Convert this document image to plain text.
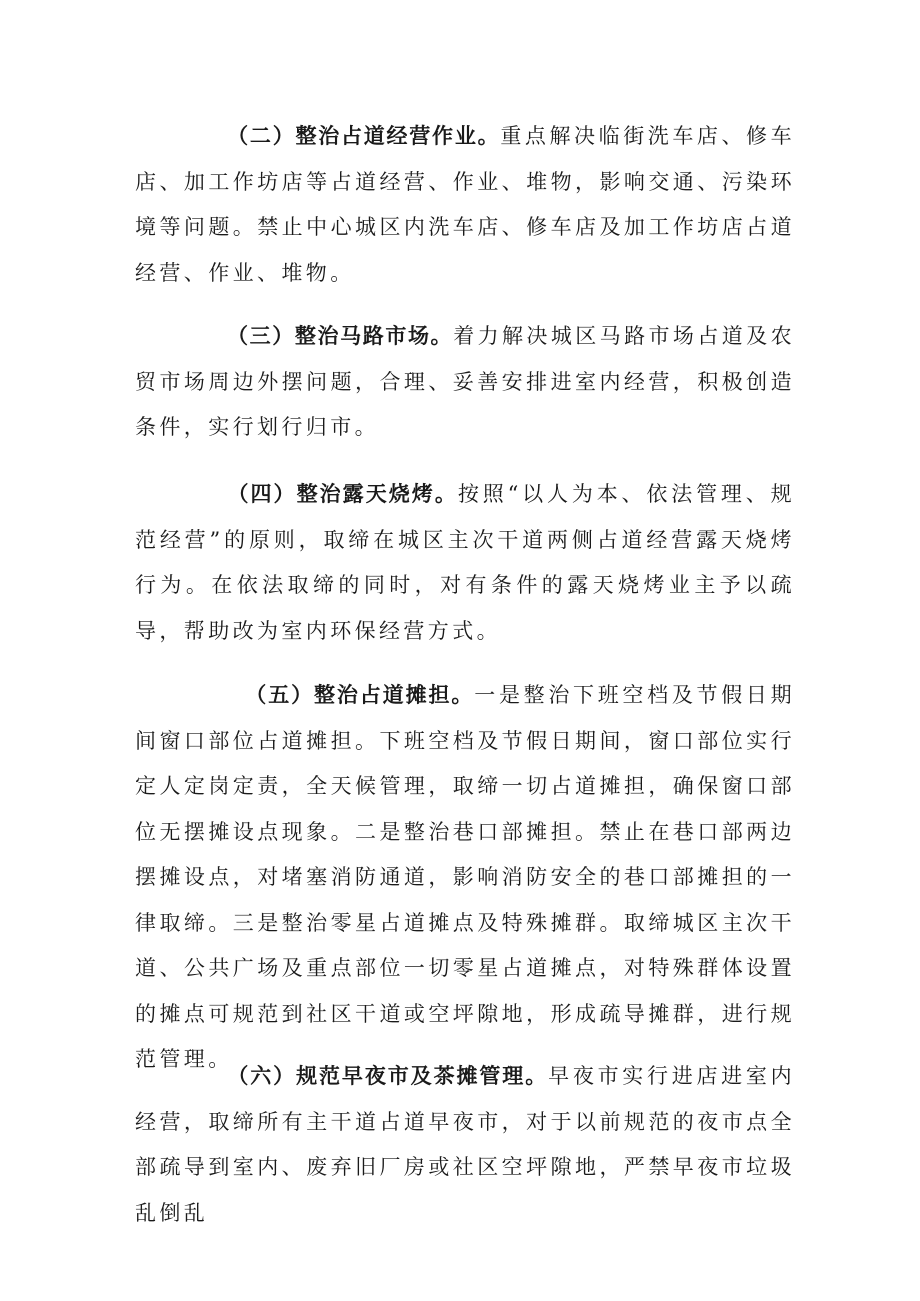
（二）整治占道经营作业。重点解决临街洗车店、修车店、加工作坊店等占道经营、作业、堆物，影响交通、污染环境等问题。禁止中心城区内洗车店、修车店及加工作坊店占道经营、作业、堆物。

（三）整治马路市场。着力解决城区马路市场占道及农贸市场周边外摆问题，合理、妥善安排进室内经营，积极创造条件，实行划行归市。

（四）整治露天烧烤。按照“以人为本、依法管理、规范经营”的原则，取缔在城区主次干道两侧占道经营露天烧烤行为。在依法取缔的同时，对有条件的露天烧烤业主予以疏导，帮助改为室内环保经营方式。

（五）整治占道摊担。一是整治下班空档及节假日期间窗口部位占道摊担。下班空档及节假日期间，窗口部位实行定人定岗定责，全天候管理，取缔一切占道摊担，确保窗口部位无摆摊设点现象。二是整治巷口部摊担。禁止在巷口部两边摆摊设点，对堵塞消防通道，影响消防安全的巷口部摊担的一律取缔。三是整治零星占道摊点及特殊摊群。取缔城区主次干道、公共广场及重点部位一切零星占道摊点，对特殊群体设置的摊点可规范到社区干道或空坪隙地，形成疏导摊群，进行规范管理。

（六）规范早夜市及茶摊管理。早夜市实行进店进室内经营，取缔所有主干道占道早夜市，对于以前规范的夜市点全部疏导到室内、废弃旧厂房或社区空坪隙地，严禁早夜市垃圾乱倒乱
